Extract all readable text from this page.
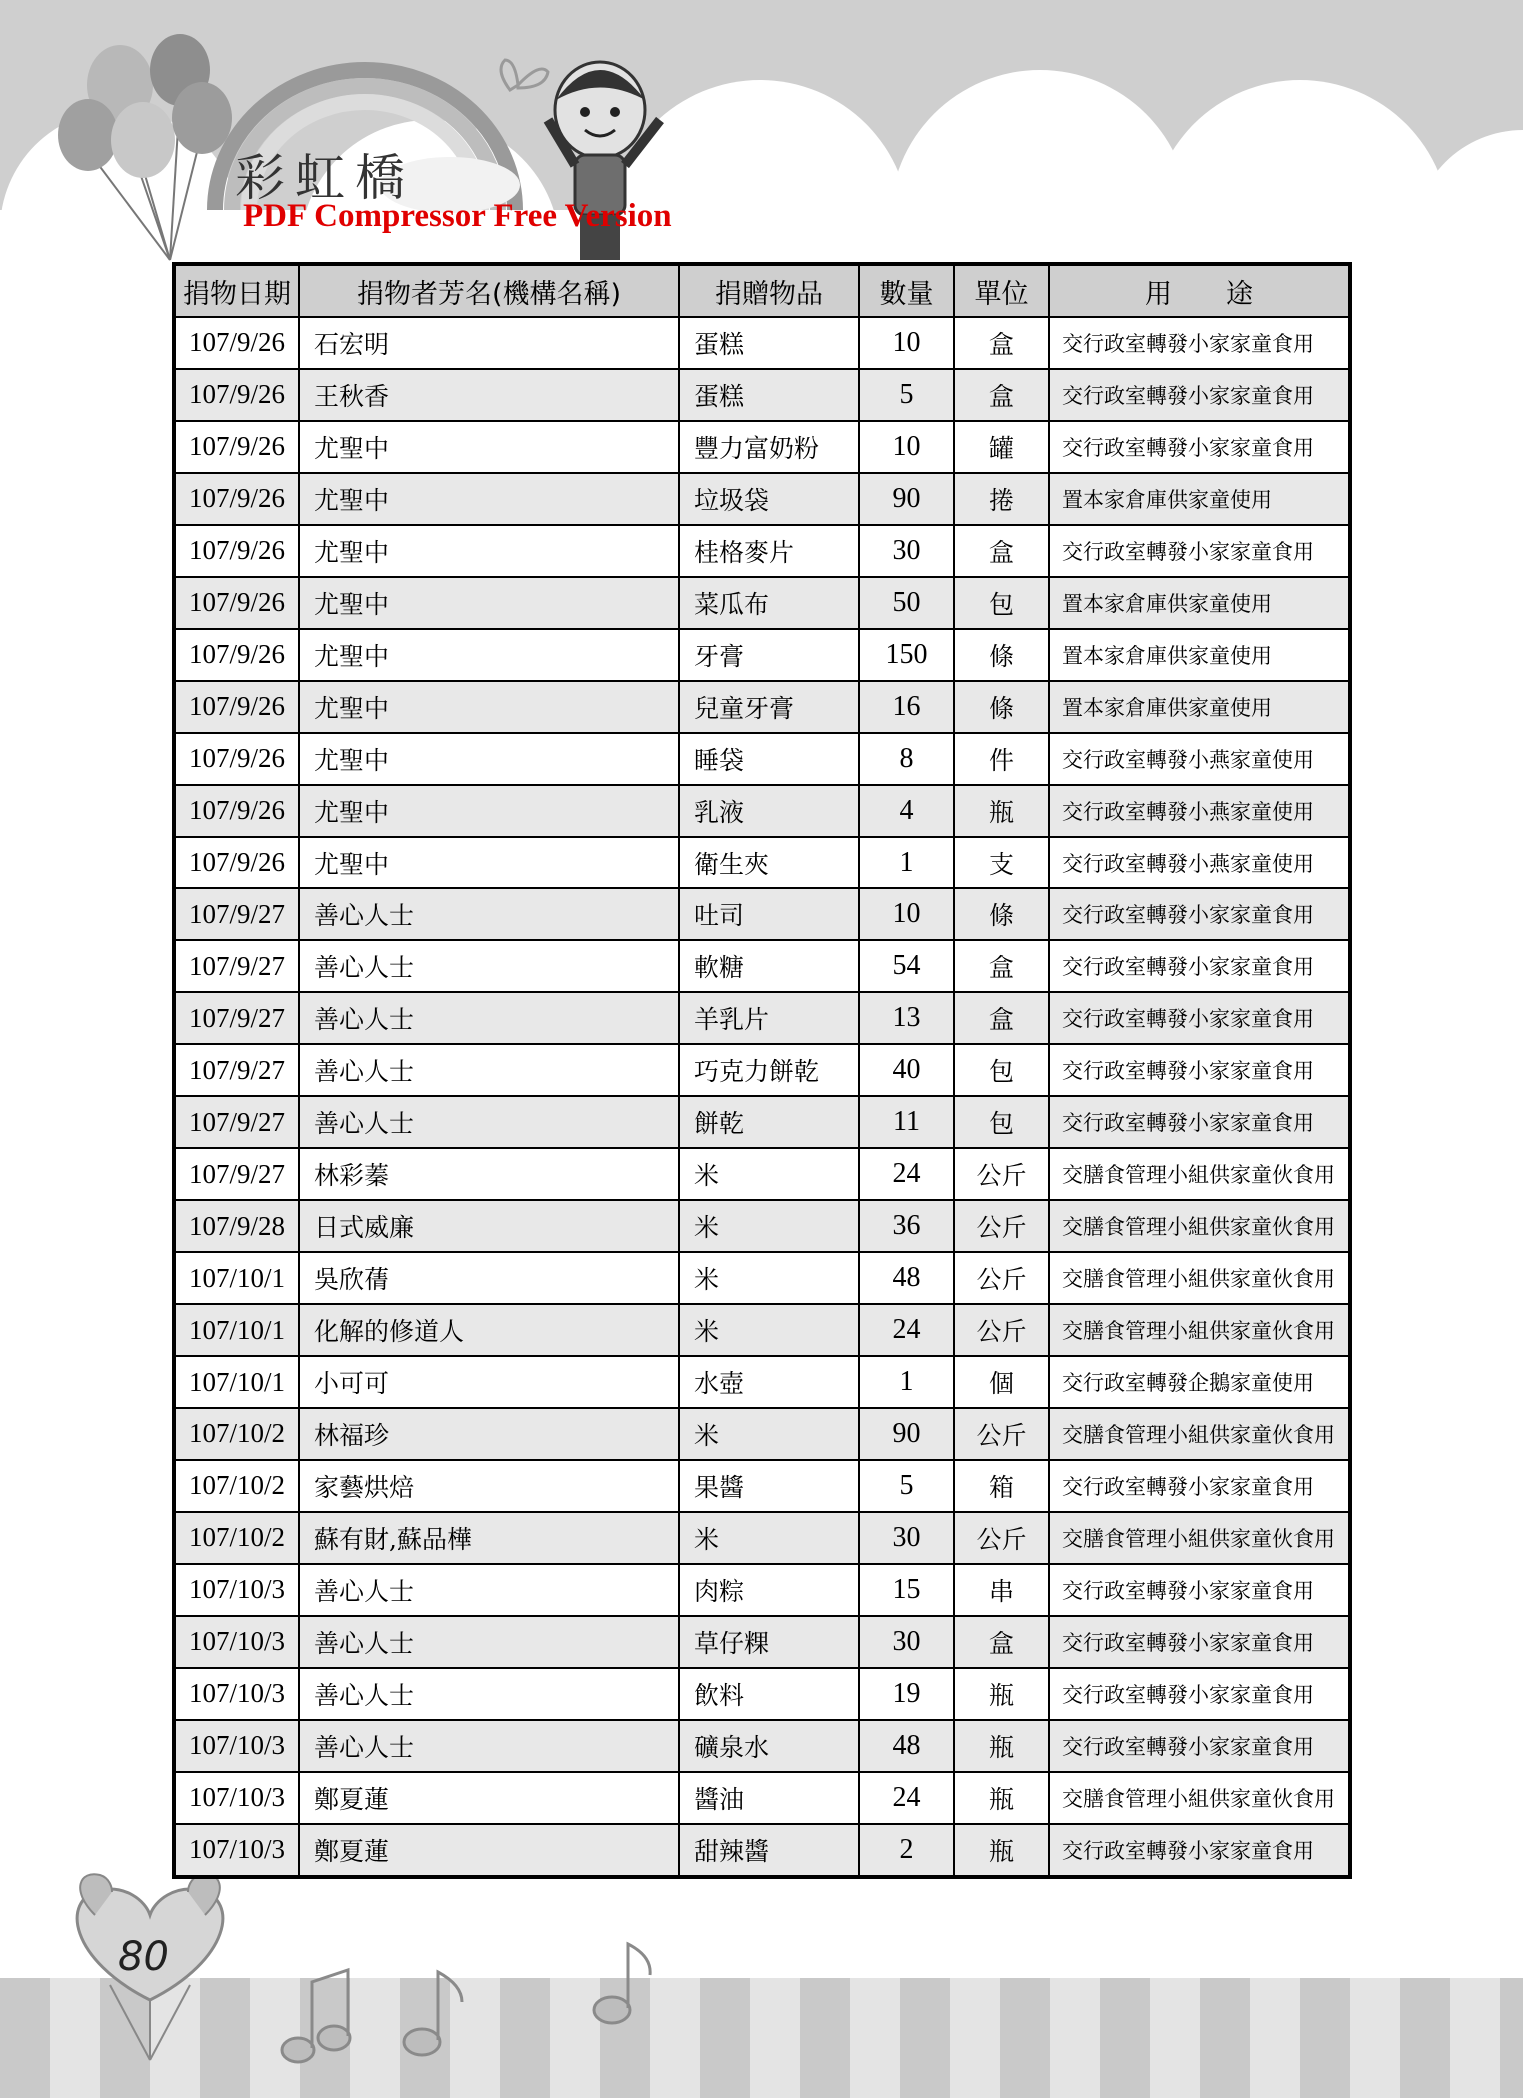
彩虹橋
PDF Compressor Free Version
捐物日期	捐物者芳名(機構名稱)	捐贈物品	數量	單位	用　　途
107/9/26	石宏明	蛋糕	10	盒	交行政室轉發小家家童食用
107/9/26	王秋香	蛋糕	5	盒	交行政室轉發小家家童食用
107/9/26	尤聖中	豐力富奶粉	10	罐	交行政室轉發小家家童食用
107/9/26	尤聖中	垃圾袋	90	捲	置本家倉庫供家童使用
107/9/26	尤聖中	桂格麥片	30	盒	交行政室轉發小家家童食用
107/9/26	尤聖中	菜瓜布	50	包	置本家倉庫供家童使用
107/9/26	尤聖中	牙膏	150	條	置本家倉庫供家童使用
107/9/26	尤聖中	兒童牙膏	16	條	置本家倉庫供家童使用
107/9/26	尤聖中	睡袋	8	件	交行政室轉發小燕家童使用
107/9/26	尤聖中	乳液	4	瓶	交行政室轉發小燕家童使用
107/9/26	尤聖中	衛生夾	1	支	交行政室轉發小燕家童使用
107/9/27	善心人士	吐司	10	條	交行政室轉發小家家童食用
107/9/27	善心人士	軟糖	54	盒	交行政室轉發小家家童食用
107/9/27	善心人士	羊乳片	13	盒	交行政室轉發小家家童食用
107/9/27	善心人士	巧克力餅乾	40	包	交行政室轉發小家家童食用
107/9/27	善心人士	餅乾	11	包	交行政室轉發小家家童食用
107/9/27	林彩蓁	米	24	公斤	交膳食管理小組供家童伙食用
107/9/28	日式威廉	米	36	公斤	交膳食管理小組供家童伙食用
107/10/1	吳欣蒨	米	48	公斤	交膳食管理小組供家童伙食用
107/10/1	化解的修道人	米	24	公斤	交膳食管理小組供家童伙食用
107/10/1	小可可	水壺	1	個	交行政室轉發企鵝家童使用
107/10/2	林福珍	米	90	公斤	交膳食管理小組供家童伙食用
107/10/2	家藝烘焙	果醬	5	箱	交行政室轉發小家家童食用
107/10/2	蘇有財,蘇品樺	米	30	公斤	交膳食管理小組供家童伙食用
107/10/3	善心人士	肉粽	15	串	交行政室轉發小家家童食用
107/10/3	善心人士	草仔粿	30	盒	交行政室轉發小家家童食用
107/10/3	善心人士	飲料	19	瓶	交行政室轉發小家家童食用
107/10/3	善心人士	礦泉水	48	瓶	交行政室轉發小家家童食用
107/10/3	鄭夏蓮	醬油	24	瓶	交膳食管理小組供家童伙食用
107/10/3	鄭夏蓮	甜辣醬	2	瓶	交行政室轉發小家家童食用
80
